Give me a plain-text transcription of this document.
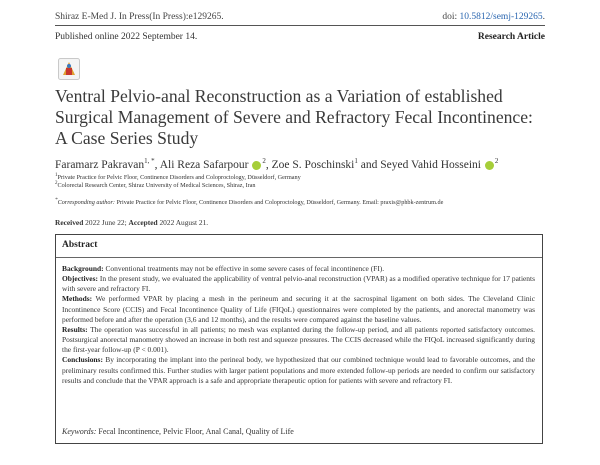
Shiraz E-Med J. In Press(In Press):e129265.	doi: 10.5812/semj-129265.
Published online 2022 September 14.	Research Article
Ventral Pelvio-anal Reconstruction as a Variation of established Surgical Management of Severe and Refractory Fecal Incontinence: A Case Series Study
Faramarz Pakravan$^{1, *}$, Ali Reza Safarpour $^2$, Zoe S. Poschinski$^1$ and Seyed Vahid Hosseini $^2$
$^1$Private Practice for Pelvic Floor, Continence Disorders and Coloproctology, Düsseldorf, Germany
$^2$Colorectal Research Center, Shiraz University of Medical Sciences, Shiraz, Iran
*Corresponding author: Private Practice for Pelvic Floor, Continence Disorders and Coloproctology, Düsseldorf, Germany. Email: praxis@phbk-zentrum.de
Received 2022 June 22; Accepted 2022 August 21.
Abstract
Background: Conventional treatments may not be effective in some severe cases of fecal incontinence (FI).
Objectives: In the present study, we evaluated the applicability of ventral pelvio-anal reconstruction (VPAR) as a modified operative technique for 17 patients with severe and refractory FI.
Methods: We performed VPAR by placing a mesh in the perineum and securing it at the sacrospinal ligament on both sides. The Cleveland Clinic Incontinence Score (CCIS) and Fecal Incontinence Quality of Life (FIQoL) questionnaires were completed by the patients, and anorectal manometry was performed before and after the operation (3,6 and 12 months), and the results were compared against the baseline values.
Results: The operation was successful in all patients; no mesh was explanted during the follow-up period, and all patients reported satisfactory outcomes. Postsurgical anorectal manometry showed an increase in both rest and squeeze pressures. The CCIS decreased while the FIQoL increased significantly during the first-year follow-up (P < 0.001).
Conclusions: By incorporating the implant into the perineal body, we hypothesized that our combined technique would lead to favorable outcomes, and the preliminary results confirmed this. Further studies with larger patient populations and more extended follow-up periods are needed to confirm our satisfactory results and conclude that the VPAR approach is a safe and appropriate therapeutic option for patients with severe and refractory FI.
Keywords: Fecal Incontinence, Pelvic Floor, Anal Canal, Quality of Life
